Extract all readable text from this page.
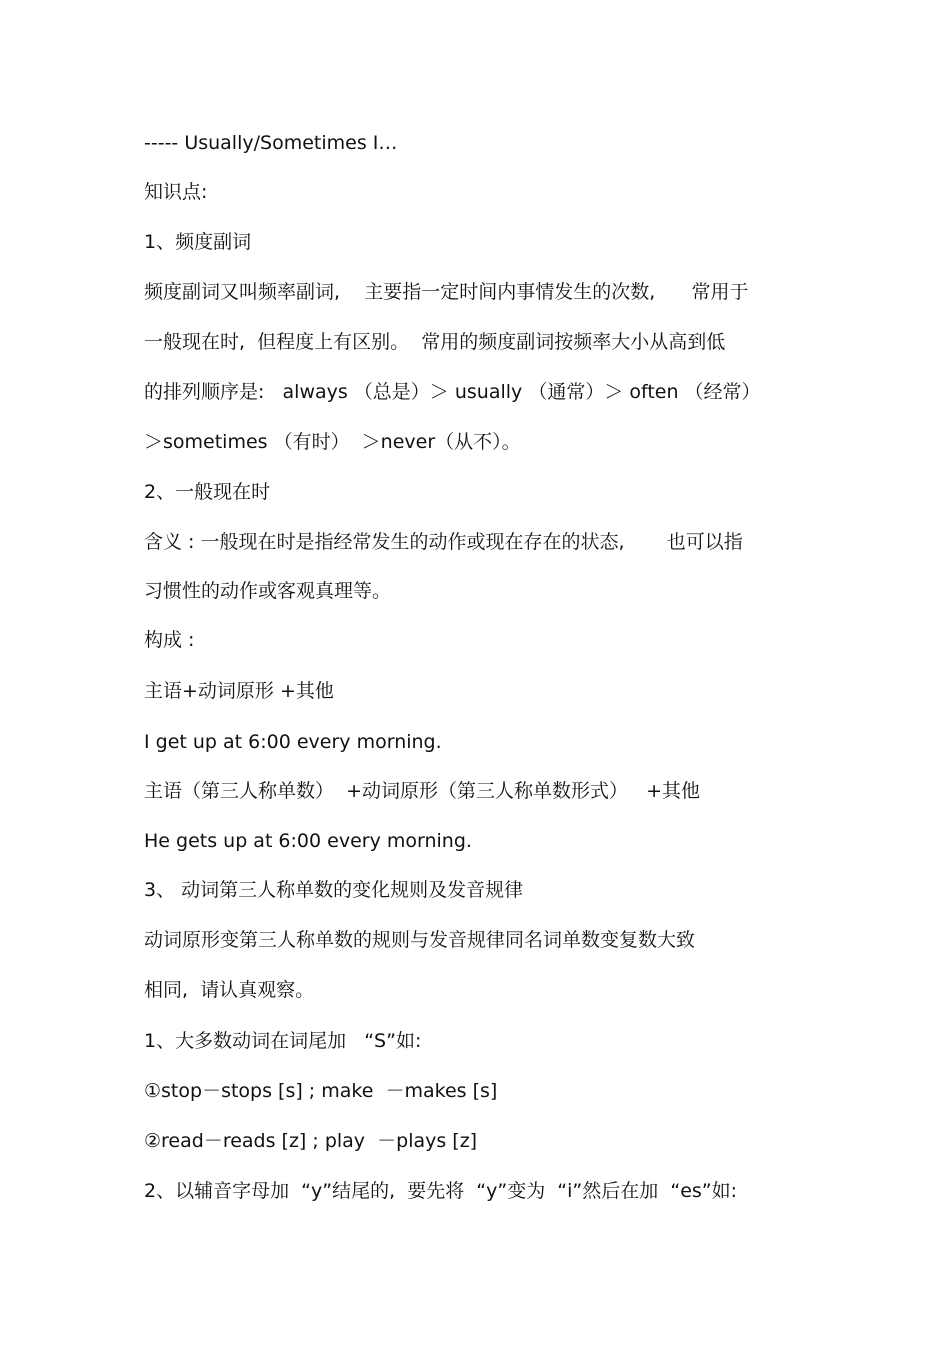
----- Usually/Sometimes I…
知识点:
1、频度副词
频度副词又叫频率副词,    主要指一定时间内事情发生的次数,      常用于
一般现在时,  但程度上有区别。  常用的频度副词按频率大小从高到低
的排列顺序是:   always （总是）＞ usually （通常）＞ often （经常）
＞sometimes （有时）  ＞never（从不）。
2、一般现在时
含义 : 一般现在时是指经常发生的动作或现在存在的状态,       也可以指
习惯性的动作或客观真理等。
构成 :
主语+动词原形 +其他
I get up at 6:00 every morning.
主语（第三人称单数）  +动词原形（第三人称单数形式）   +其他
He gets up at 6:00 every morning.
3、 动词第三人称单数的变化规则及发音规律
动词原形变第三人称单数的规则与发音规律同名词单数变复数大致
相同,  请认真观察。
1、大多数动词在词尾加   “S”如:
①stop－stops [s] ; make  －makes [s]
②read－reads [z] ; play  －plays [z]
2、以辅音字母加  “y”结尾的,  要先将  “y”变为  “i”然后在加  “es”如:
